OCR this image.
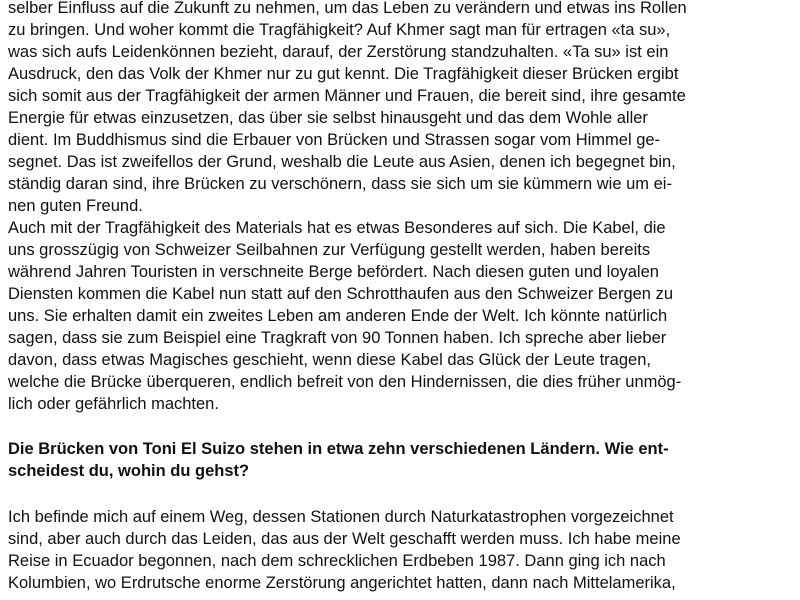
selber Einfluss auf die Zukunft zu nehmen, um das Leben zu verändern und etwas ins Rollen
zu bringen. Und woher kommt die Tragfähigkeit? Auf Khmer sagt man für ertragen «ta su»,
was sich aufs Leidenkönnen bezieht, darauf, der Zerstörung standzuhalten. «Ta su» ist ein
Ausdruck, den das Volk der Khmer nur zu gut kennt. Die Tragfähigkeit dieser Brücken ergibt
sich somit aus der Tragfähigkeit der armen Männer und Frauen, die bereit sind, ihre gesamte
Energie für etwas einzusetzen, das über sie selbst hinausgeht und das dem Wohle aller
dient. Im Buddhismus sind die Erbauer von Brücken und Strassen sogar vom Himmel ge-
segnet. Das ist zweifellos der Grund, weshalb die Leute aus Asien, denen ich begegnet bin,
ständig daran sind, ihre Brücken zu verschönern, dass sie sich um sie kümmern wie um ei-
nen guten Freund.
Auch mit der Tragfähigkeit des Materials hat es etwas Besonderes auf sich. Die Kabel, die
uns grosszügig von Schweizer Seilbahnen zur Verfügung gestellt werden, haben bereits
während Jahren Touristen in verschneite Berge befördert. Nach diesen guten und loyalen
Diensten kommen die Kabel nun statt auf den Schrotthaufen aus den Schweizer Bergen zu
uns. Sie erhalten damit ein zweites Leben am anderen Ende der Welt. Ich könnte natürlich
sagen, dass sie zum Beispiel eine Tragkraft von 90 Tonnen haben. Ich spreche aber lieber
davon, dass etwas Magisches geschieht, wenn diese Kabel das Glück der Leute tragen,
welche die Brücke überqueren, endlich befreit von den Hindernissen, die dies früher unmög-
lich oder gefährlich machten.
Die Brücken von Toni El Suizo stehen in etwa zehn verschiedenen Ländern. Wie ent-
scheidest du, wohin du gehst?
Ich befinde mich auf einem Weg, dessen Stationen durch Naturkatastrophen vorgezeichnet
sind, aber auch durch das Leiden, das aus der Welt geschafft werden muss. Ich habe meine
Reise in Ecuador begonnen, nach dem schrecklichen Erdbeben 1987. Dann ging ich nach
Kolumbien, wo Erdrutsche enorme Zerstörung angerichtet hatten, dann nach Mittelamerika,
